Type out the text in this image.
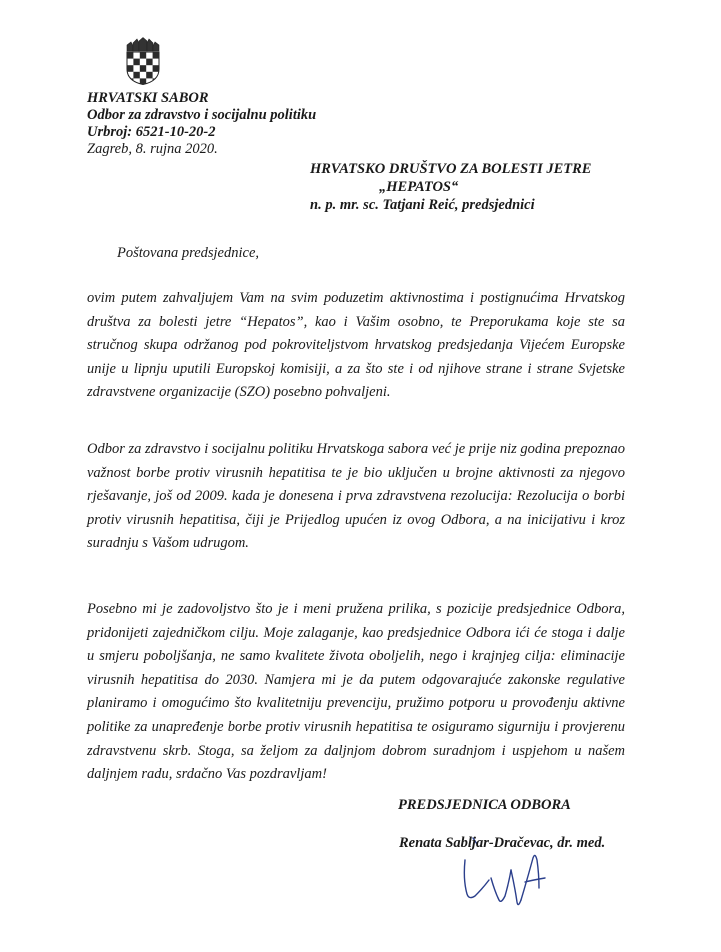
HRVATSKI SABOR
Odbor za zdravstvo i socijalnu politiku
Urbroj: 6521-10-20-2
Zagreb, 8. rujna 2020.
HRVATSKO DRUŠTVO ZA BOLESTI JETRE
„HEPATOS“
n. p. mr. sc. Tatjani Reić, predsjednici
Poštovana predsjednice,
ovim putem zahvaljujem Vam na svim poduzetim aktivnostima i postignućima Hrvatskog društva za bolesti jetre “Hepatos”, kao i Vašim osobno, te Preporukama koje ste sa stručnog skupa održanog pod pokroviteljstvom hrvatskog predsjedanja Vijećem Europske unije u lipnju uputili Europskoj komisiji, a za što ste i od njihove strane i strane Svjetske zdravstvene organizacije (SZO) posebno pohvaljeni.
Odbor za zdravstvo i socijalnu politiku Hrvatskoga sabora već je prije niz godina prepoznao važnost borbe protiv virusnih hepatitisa te je bio uključen u brojne aktivnosti za njegovo rješavanje, još od 2009. kada je donesena i prva zdravstvena rezolucija: Rezolucija o borbi protiv virusnih hepatitisa, čiji je Prijedlog upućen iz ovog Odbora, a na inicijativu i kroz suradnju s Vašom udrugom.
Posebno mi je zadovoljstvo što je i meni pružena prilika, s pozicije predsjednice Odbora, pridonijeti zajedničkom cilju. Moje zalaganje, kao predsjednice Odbora ići će stoga i dalje u smjeru poboljšanja, ne samo kvalitete života oboljelih, nego i krajnjeg cilja: eliminacije virusnih hepatitisa do 2030. Namjera mi je da putem odgovarajuće zakonske regulative planiramo i omogućimo što kvalitetniju prevenciju, pružimo potporu u provođenju aktivne politike za unapređenje borbe protiv virusnih hepatitisa te osiguramo sigurniju i provjerenu zdravstvenu skrb. Stoga, sa željom za daljnjom dobrom suradnjom i uspjehom u našem daljnjem radu, srdačno Vas pozdravljam!
PREDSJEDNICA ODBORA
Renata Sabljar-Dračevac, dr. med.
